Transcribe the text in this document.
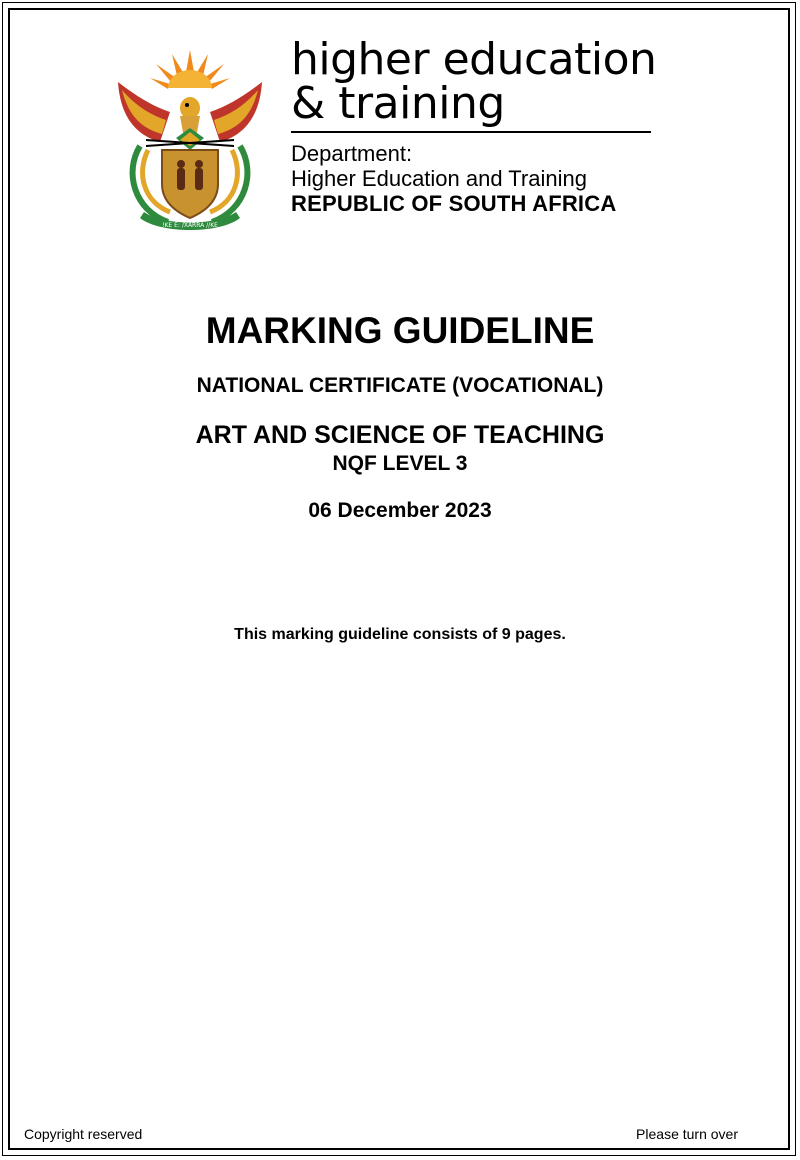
!KE E: /XARRA //KE
higher education
& training
Department:
Higher Education and Training
REPUBLIC OF SOUTH AFRICA
MARKING GUIDELINE
NATIONAL CERTIFICATE (VOCATIONAL)
ART AND SCIENCE OF TEACHING
NQF LEVEL 3
06 December 2023
This marking guideline consists of 9 pages.
Copyright reserved	Please turn over
